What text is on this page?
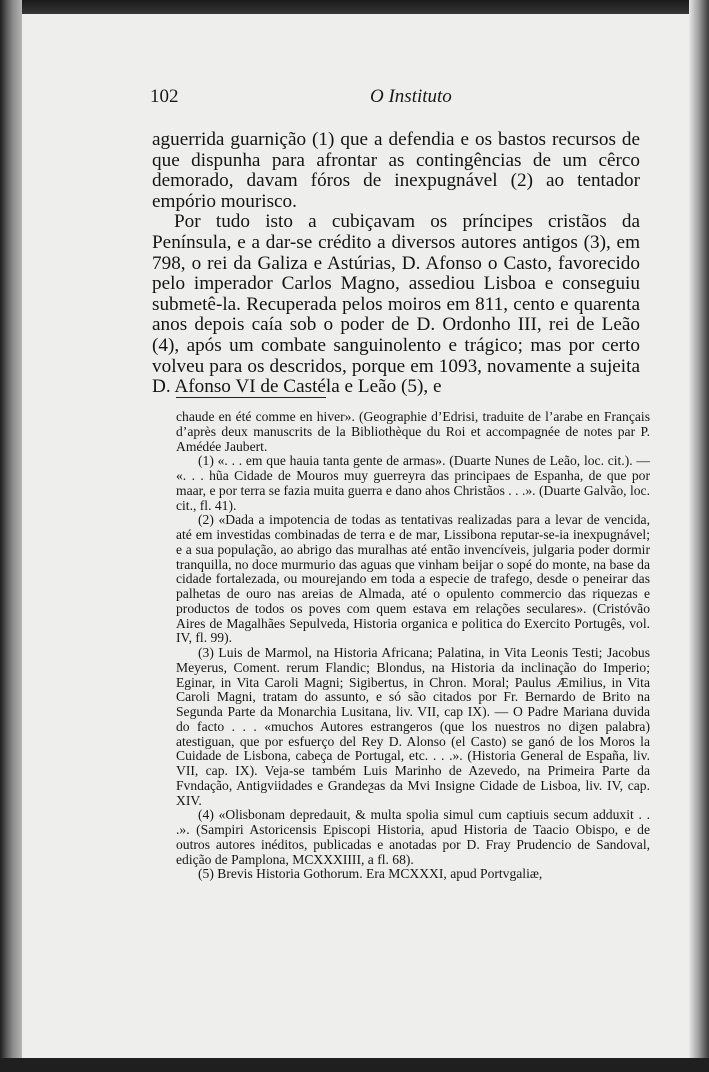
102	O Instituto

aguerrida guarnição (1) que a defendia e os bastos recursos de que dispunha para afrontar as contingências de um cêrco demorado, davam fóros de inexpugnável (2) ao tentador empório mourisco.

Por tudo isto a cubiçavam os príncipes cristãos da Península, e a dar-se crédito a diversos autores antigos (3), em 798, o rei da Galiza e Astúrias, D. Afonso o Casto, favorecido pelo imperador Carlos Magno, assediou Lisboa e conseguiu submetê-la. Recuperada pelos moiros em 811, cento e quarenta anos depois caía sob o poder de D. Ordonho III, rei de Leão (4), após um combate sanguinolento e trágico; mas por certo volveu para os descridos, porque em 1093, novamente a sujeita D. Afonso VI de Castéla e Leão (5), e

chaude en été comme en hiver». (Geographie d’Edrisi, traduite de l’arabe en Français d’après deux manuscrits de la Bibliothèque du Roi et accompagnée de notes par P. Amédée Jaubert.

(1) «. . . em que hauia tanta gente de armas». (Duarte Nunes de Leão, loc. cit.). — «. . . hũa Cidade de Mouros muy guerreyra das principaes de Espanha, de que por maar, e por terra se fazia muita guerra e dano ahos Christãos . . .». (Duarte Galvão, loc. cit., fl. 41).

(2) «Dada a impotencia de todas as tentativas realizadas para a levar de vencida, até em investidas combinadas de terra e de mar, Lissibona reputar-se-ia inexpugnável; e a sua população, ao abrigo das muralhas até então invencíveis, julgaria poder dormir tranquilla, no doce murmurio das aguas que vinham beijar o sopé do monte, na base da cidade fortalezada, ou mourejando em toda a especie de trafego, desde o peneirar das palhetas de ouro nas areias de Almada, até o opulento commercio das riquezas e productos de todos os poves com quem estava em relações seculares». (Cristóvão Aires de Magalhães Sepulveda, Historia organica e politica do Exercito Portugês, vol. IV, fl. 99).

(3) Luis de Marmol, na Historia Africana; Palatina, in Vita Leonis Testi; Jacobus Meyerus, Coment. rerum Flandic; Blondus, na Historia da inclinação do Imperio; Eginar, in Vita Caroli Magni; Sigibertus, in Chron. Moral; Paulus Æmilius, in Vita Caroli Magni, tratam do assunto, e só são citados por Fr. Bernardo de Brito na Segunda Parte da Monarchia Lusitana, liv. VII, cap IX). — O Padre Mariana duvida do facto . . . «muchos Autores estrangeros (que los nuestros no diƺen palabra) atestiguan, que por esfuerço del Rey D. Alonso (el Casto) se ganó de los Moros la Cuidade de Lisbona, cabeça de Portugal, etc. . . .». (Historia General de España, liv. VII, cap. IX). Veja-se também Luis Marinho de Azevedo, na Primeira Parte da Fvndação, Antigviidades e Grandeƺas da Mvi Insigne Cidade de Lisboa, liv. IV, cap. XIV.

(4) «Olisbonam depredauit, & multa spolia simul cum captiuis secum adduxit . . .». (Sampiri Astoricensis Episcopi Historia, apud Historia de Taacio Obispo, e de outros autores inéditos, publicadas e anotadas por D. Fray Prudencio de Sandoval, edição de Pamplona, MCXXXIIII, a fl. 68).

(5) Brevis Historia Gothorum. Era MCXXXI, apud Portvgaliæ,
